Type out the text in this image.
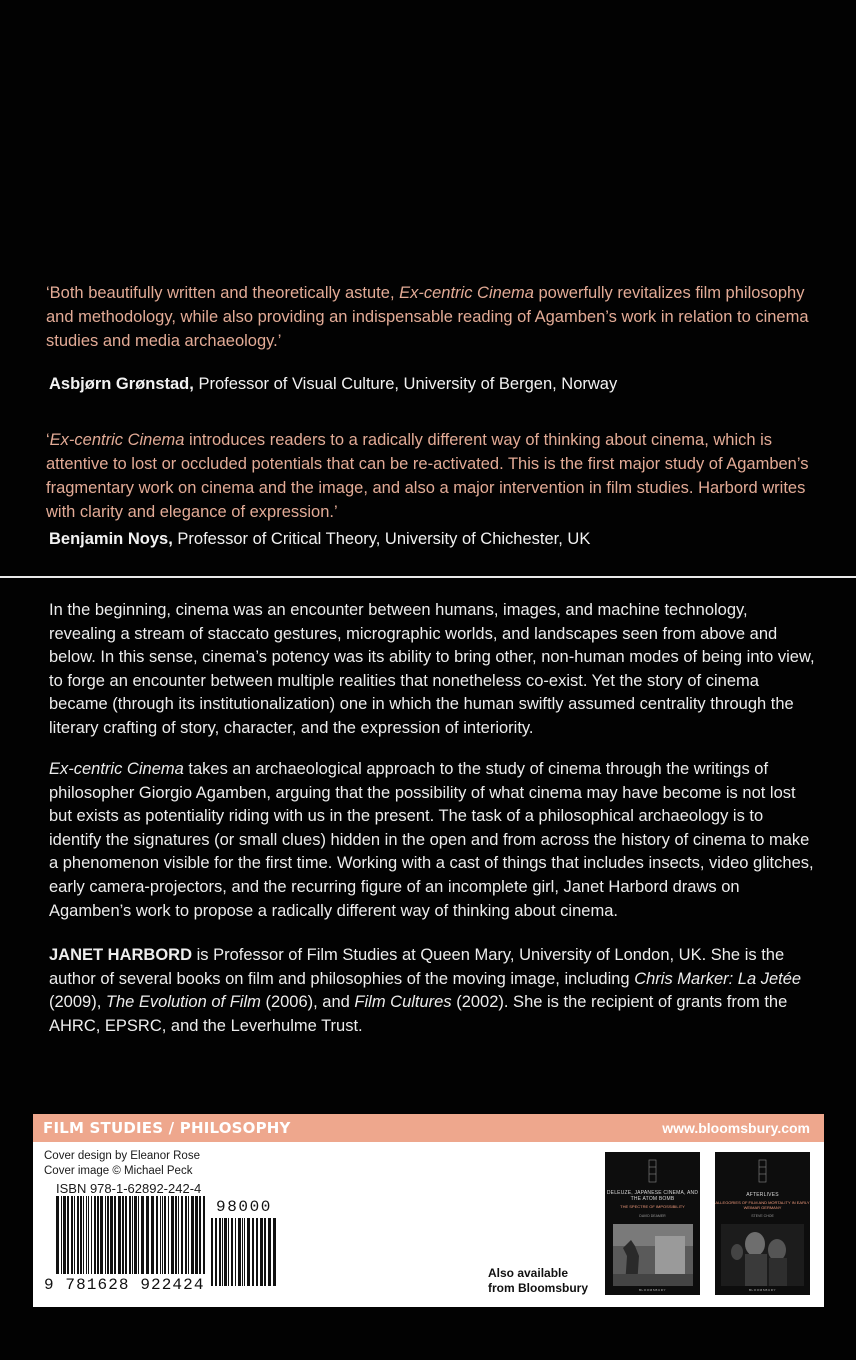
‘Both beautifully written and theoretically astute, Ex-centric Cinema powerfully revitalizes film philosophy and methodology, while also providing an indispensable reading of Agamben’s work in relation to cinema studies and media archaeology.’
Asbjørn Grønstad, Professor of Visual Culture, University of Bergen, Norway
‘Ex-centric Cinema introduces readers to a radically different way of thinking about cinema, which is attentive to lost or occluded potentials that can be re-activated. This is the first major study of Agamben’s fragmentary work on cinema and the image, and also a major intervention in film studies. Harbord writes with clarity and elegance of expression.’
Benjamin Noys, Professor of Critical Theory, University of Chichester, UK
In the beginning, cinema was an encounter between humans, images, and machine technology, revealing a stream of staccato gestures, micrographic worlds, and landscapes seen from above and below. In this sense, cinema’s potency was its ability to bring other, non-human modes of being into view, to forge an encounter between multiple realities that nonetheless co-exist. Yet the story of cinema became (through its institutionalization) one in which the human swiftly assumed centrality through the literary crafting of story, character, and the expression of interiority.
Ex-centric Cinema takes an archaeological approach to the study of cinema through the writings of philosopher Giorgio Agamben, arguing that the possibility of what cinema may have become is not lost but exists as potentiality riding with us in the present. The task of a philosophical archaeology is to identify the signatures (or small clues) hidden in the open and from across the history of cinema to make a phenomenon visible for the first time. Working with a cast of things that includes insects, video glitches, early camera-projectors, and the recurring figure of an incomplete girl, Janet Harbord draws on Agamben’s work to propose a radically different way of thinking about cinema.
JANET HARBORD is Professor of Film Studies at Queen Mary, University of London, UK. She is the author of several books on film and philosophies of the moving image, including Chris Marker: La Jetée (2009), The Evolution of Film (2006), and Film Cultures (2002). She is the recipient of grants from the AHRC, EPSRC, and the Leverhulme Trust.
FILM STUDIES / PHILOSOPHY	www.bloomsbury.com
Cover design by Eleanor Rose
Cover image © Michael Peck
ISBN 978-1-62892-242-4
9 781628 922424
98000
Also available
from Bloomsbury
DELEUZE, JAPANESE CINEMA, AND THE ATOM BOMB
THE SPECTRE OF IMPOSSIBILITY
DAVID DEAMER
BLOOMSBURY
AFTERLIVES
ALLEGORIES OF FILM AND MORTALITY IN EARLY WEIMAR GERMANY
STEVE CHOE
BLOOMSBURY
